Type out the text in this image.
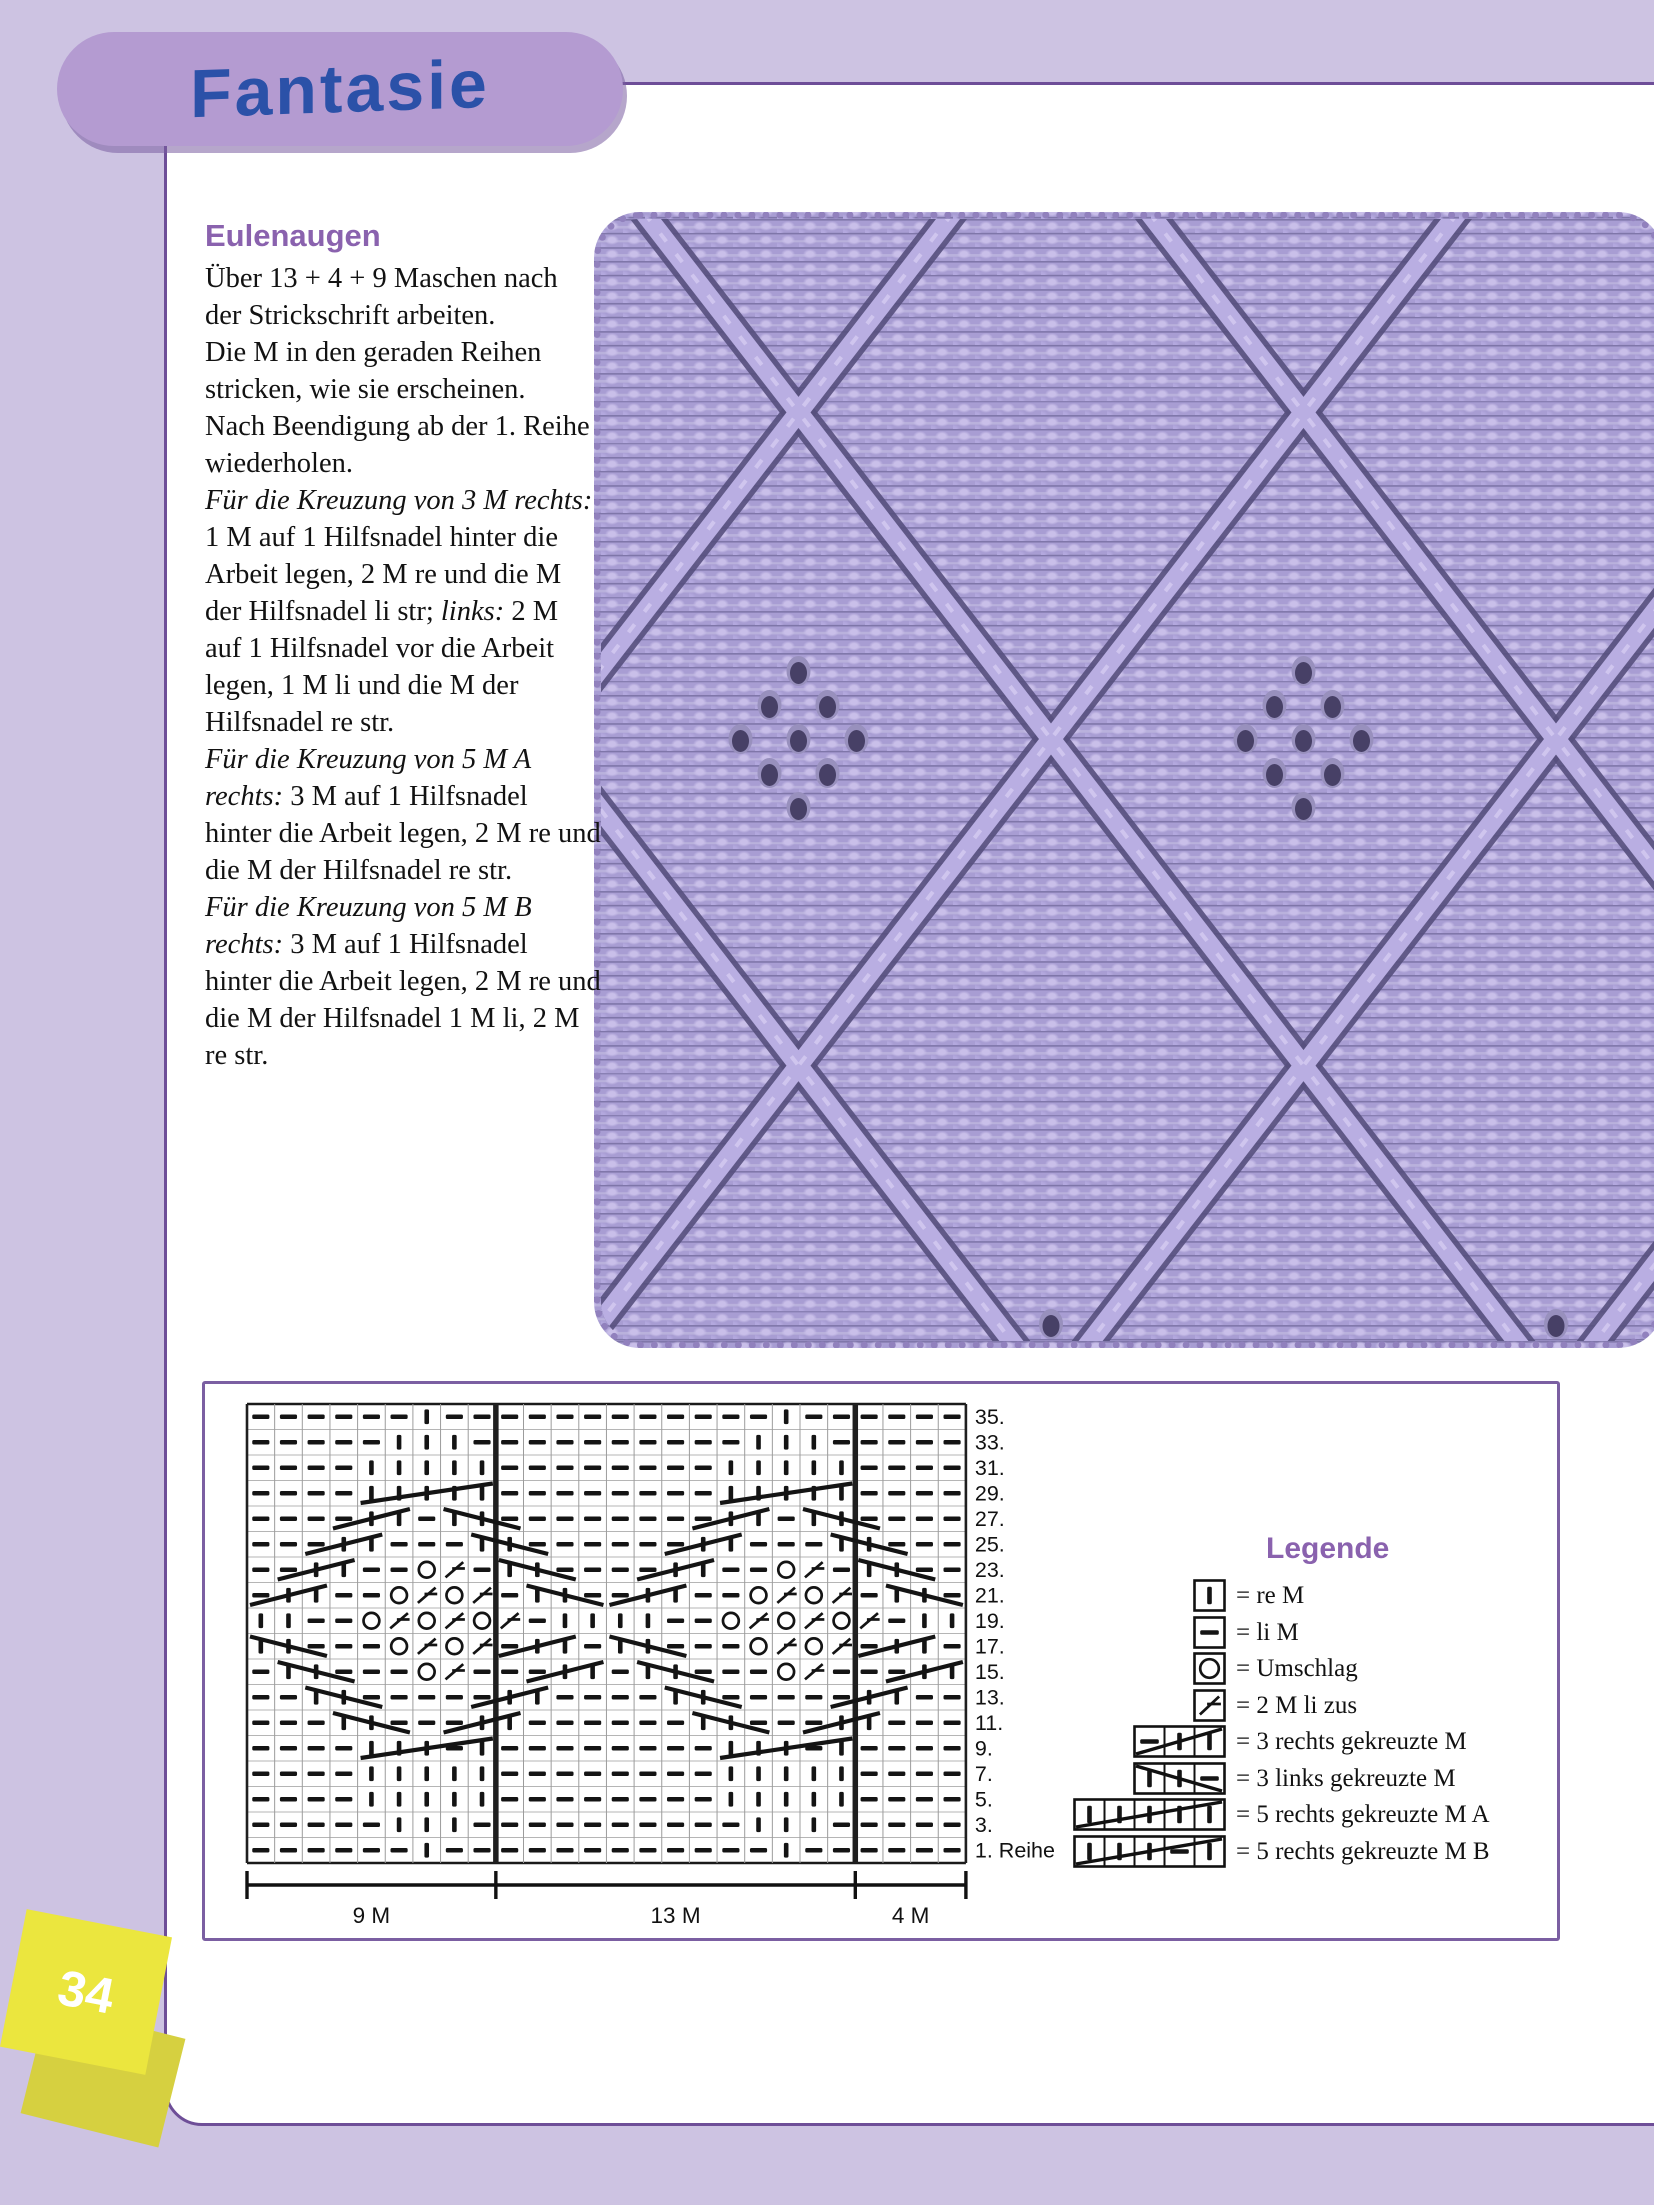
Fantasie
Eulenaugen

Über 13 + 4 + 9 Maschen nach der Strickschrift arbeiten.

Die M in den geraden Reihen stricken, wie sie erscheinen.

Nach Beendigung ab der 1. Reihe wiederholen.

Für die Kreuzung von 3 M rechts: 1 M auf 1 Hilfsnadel hinter die Arbeit legen, 2 M re und die M der Hilfsnadel li str; links: 2 M auf 1 Hilfsnadel vor die Arbeit legen, 1 M li und die M der Hilfsnadel re str.

Für die Kreuzung von 5 M A rechts: 3 M auf 1 Hilfsnadel hinter die Arbeit legen, 2 M re und die M der Hilfsnadel re str.

Für die Kreuzung von 5 M B rechts: 3 M auf 1 Hilfsnadel hinter die Arbeit legen, 2 M re und die M der Hilfsnadel 1 M li, 2 M re str.

35.
33.
31.
29.
27.
25.
23.
21.
19.
17.
15.
13.
11.
9.
7.
5.
3.
1. Reihe
9 M	13 M	4 M
Legende
= re M
= li M
= Umschlag
= 2 M li zus
= 3 rechts gekreuzte M
= 3 links gekreuzte M
= 5 rechts gekreuzte M A
= 5 rechts gekreuzte M B
34
